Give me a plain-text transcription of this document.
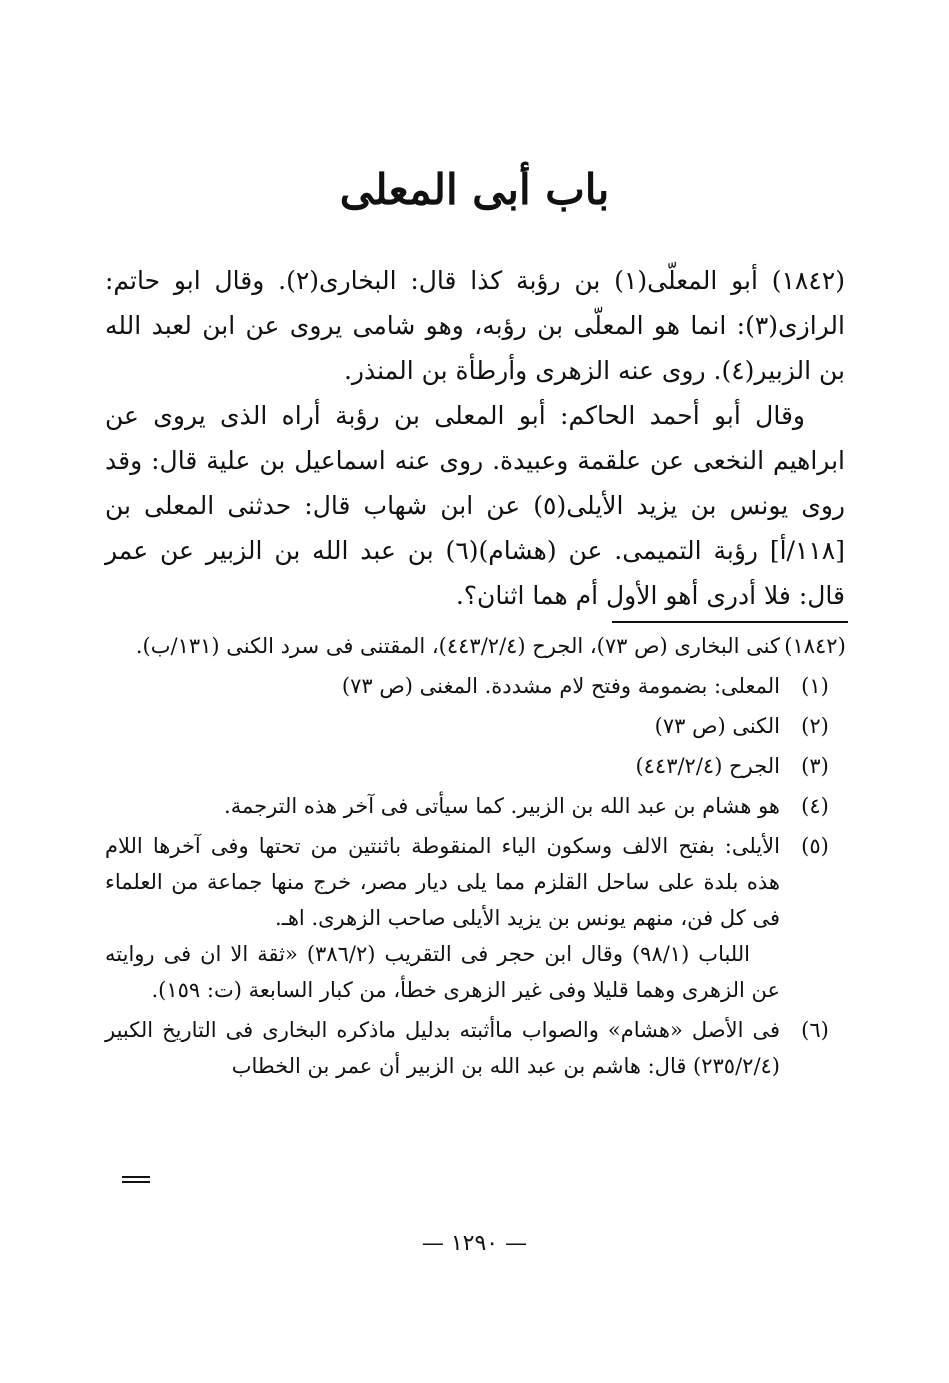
باب أبى المعلى

(١٨٤٢) أبو المعلّى(١) بن رؤبة كذا قال: البخارى(٢). وقال ابو حاتم: الرازى(٣): انما هو المعلّى بن رؤبه، وهو شامى يروى عن ابن لعبد الله بن الزبير(٤). روى عنه الزهرى وأرطأة بن المنذر.

وقال أبو أحمد الحاكم: أبو المعلى بن رؤبة أراه الذى يروى عن ابراهيم النخعى عن علقمة وعبيدة. روى عنه اسماعيل بن علية قال: وقد روى يونس بن يزيد الأيلى(٥) عن ابن شهاب قال: حدثنى المعلى بن [١١٨/أ] رؤبة التميمى. عن (هشام)(٦) بن عبد الله بن الزبير عن عمر قال: فلا أدرى أهو الأول أم هما اثنان؟.

(١٨٤٢)

كنى البخارى (ص ٧٣)، الجرح (٤٤٣/٢/٤)، المقتنى فى سرد الكنى (١٣١/ب).

(١)

المعلى: بضمومة وفتح لام مشددة. المغنى (ص ٧٣)

(٢)

الكنى (ص ٧٣)

(٣)

الجرح (٤٤٣/٢/٤)

(٤)

هو هشام بن عبد الله بن الزبير. كما سيأتى فى آخر هذه الترجمة.

(٥)

الأيلى: بفتح الالف وسكون الياء المنقوطة باثنتين من تحتها وفى آخرها اللام هذه بلدة على ساحل القلزم مما يلى ديار مصر، خرج منها جماعة من العلماء فى كل فن، منهم يونس بن يزيد الأيلى صاحب الزهرى. اهـ.

اللباب (٩٨/١) وقال ابن حجر فى التقريب (٣٨٦/٢) «ثقة الا ان فى روايته عن الزهرى وهما قليلا وفى غير الزهرى خطأ، من كبار السابعة (ت: ١٥٩).

(٦)

فى الأصل «هشام» والصواب ماأثبته بدليل ماذكره البخارى فى التاريخ الكبير (٢٣٥/٢/٤) قال: هاشم بن عبد الله بن الزبير أن عمر بن الخطاب

— ١٢٩٠ —
